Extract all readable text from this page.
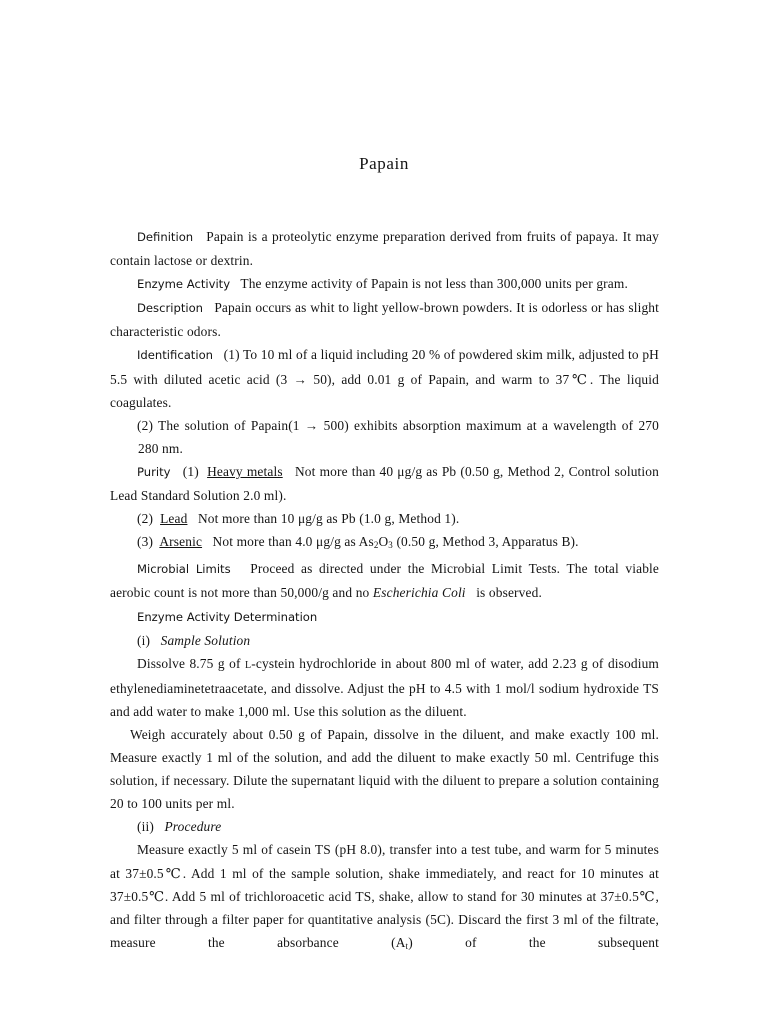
Papain

Definition Papain is a proteolytic enzyme preparation derived from fruits of papaya. It may contain lactose or dextrin.

Enzyme Activity The enzyme activity of Papain is not less than 300,000 units per gram.

Description Papain occurs as whit to light yellow-brown powders. It is odorless or has slight characteristic odors.

Identification (1) To 10 ml of a liquid including 20 % of powdered skim milk, adjusted to pH 5.5 with diluted acetic acid (3 → 50), add 0.01 g of Papain, and warm to 37℃. The liquid coagulates.

(2) The solution of Papain(1 → 500) exhibits absorption maximum at a wavelength of 270280 nm.

Purity (1) Heavy metals Not more than 40 μg/g as Pb (0.50 g, Method 2, Control solution Lead Standard Solution 2.0 ml).

(2) Lead Not more than 10 μg/g as Pb (1.0 g, Method 1).

(3) Arsenic Not more than 4.0 μg/g as $As_2O_3$ (0.50 g, Method 3, Apparatus B).

Microbial Limits Proceed as directed under the Microbial Limit Tests. The total viable aerobic count is not more than 50,000/g and no Escherichia Coli is observed.

Enzyme Activity Determination

(i) Sample Solution

Dissolve 8.75 g of L-cystein hydrochloride in about 800 ml of water, add 2.23 g of disodium ethylenediaminetetraacetate, and dissolve. Adjust the pH to 4.5 with 1 mol/l sodium hydroxide TS and add water to make 1,000 ml. Use this solution as the diluent.

Weigh accurately about 0.50 g of Papain, dissolve in the diluent, and make exactly 100 ml. Measure exactly 1 ml of the solution, and add the diluent to make exactly 50 ml. Centrifuge this solution, if necessary. Dilute the supernatant liquid with the diluent to prepare a solution containing 20 to 100 units per ml.

(ii) Procedure

Measure exactly 5 ml of casein TS (pH 8.0), transfer into a test tube, and warm for 5 minutes at 37±0.5℃. Add 1 ml of the sample solution, shake immediately, and react for 10 minutes at 37±0.5℃. Add 5 ml of trichloroacetic acid TS, shake, allow to stand for 30 minutes at 37±0.5℃, and filter through a filter paper for quantitative analysis (5C). Discard the first 3 ml of the filtrate, measure the absorbance $(A_t)$ of the subsequent
